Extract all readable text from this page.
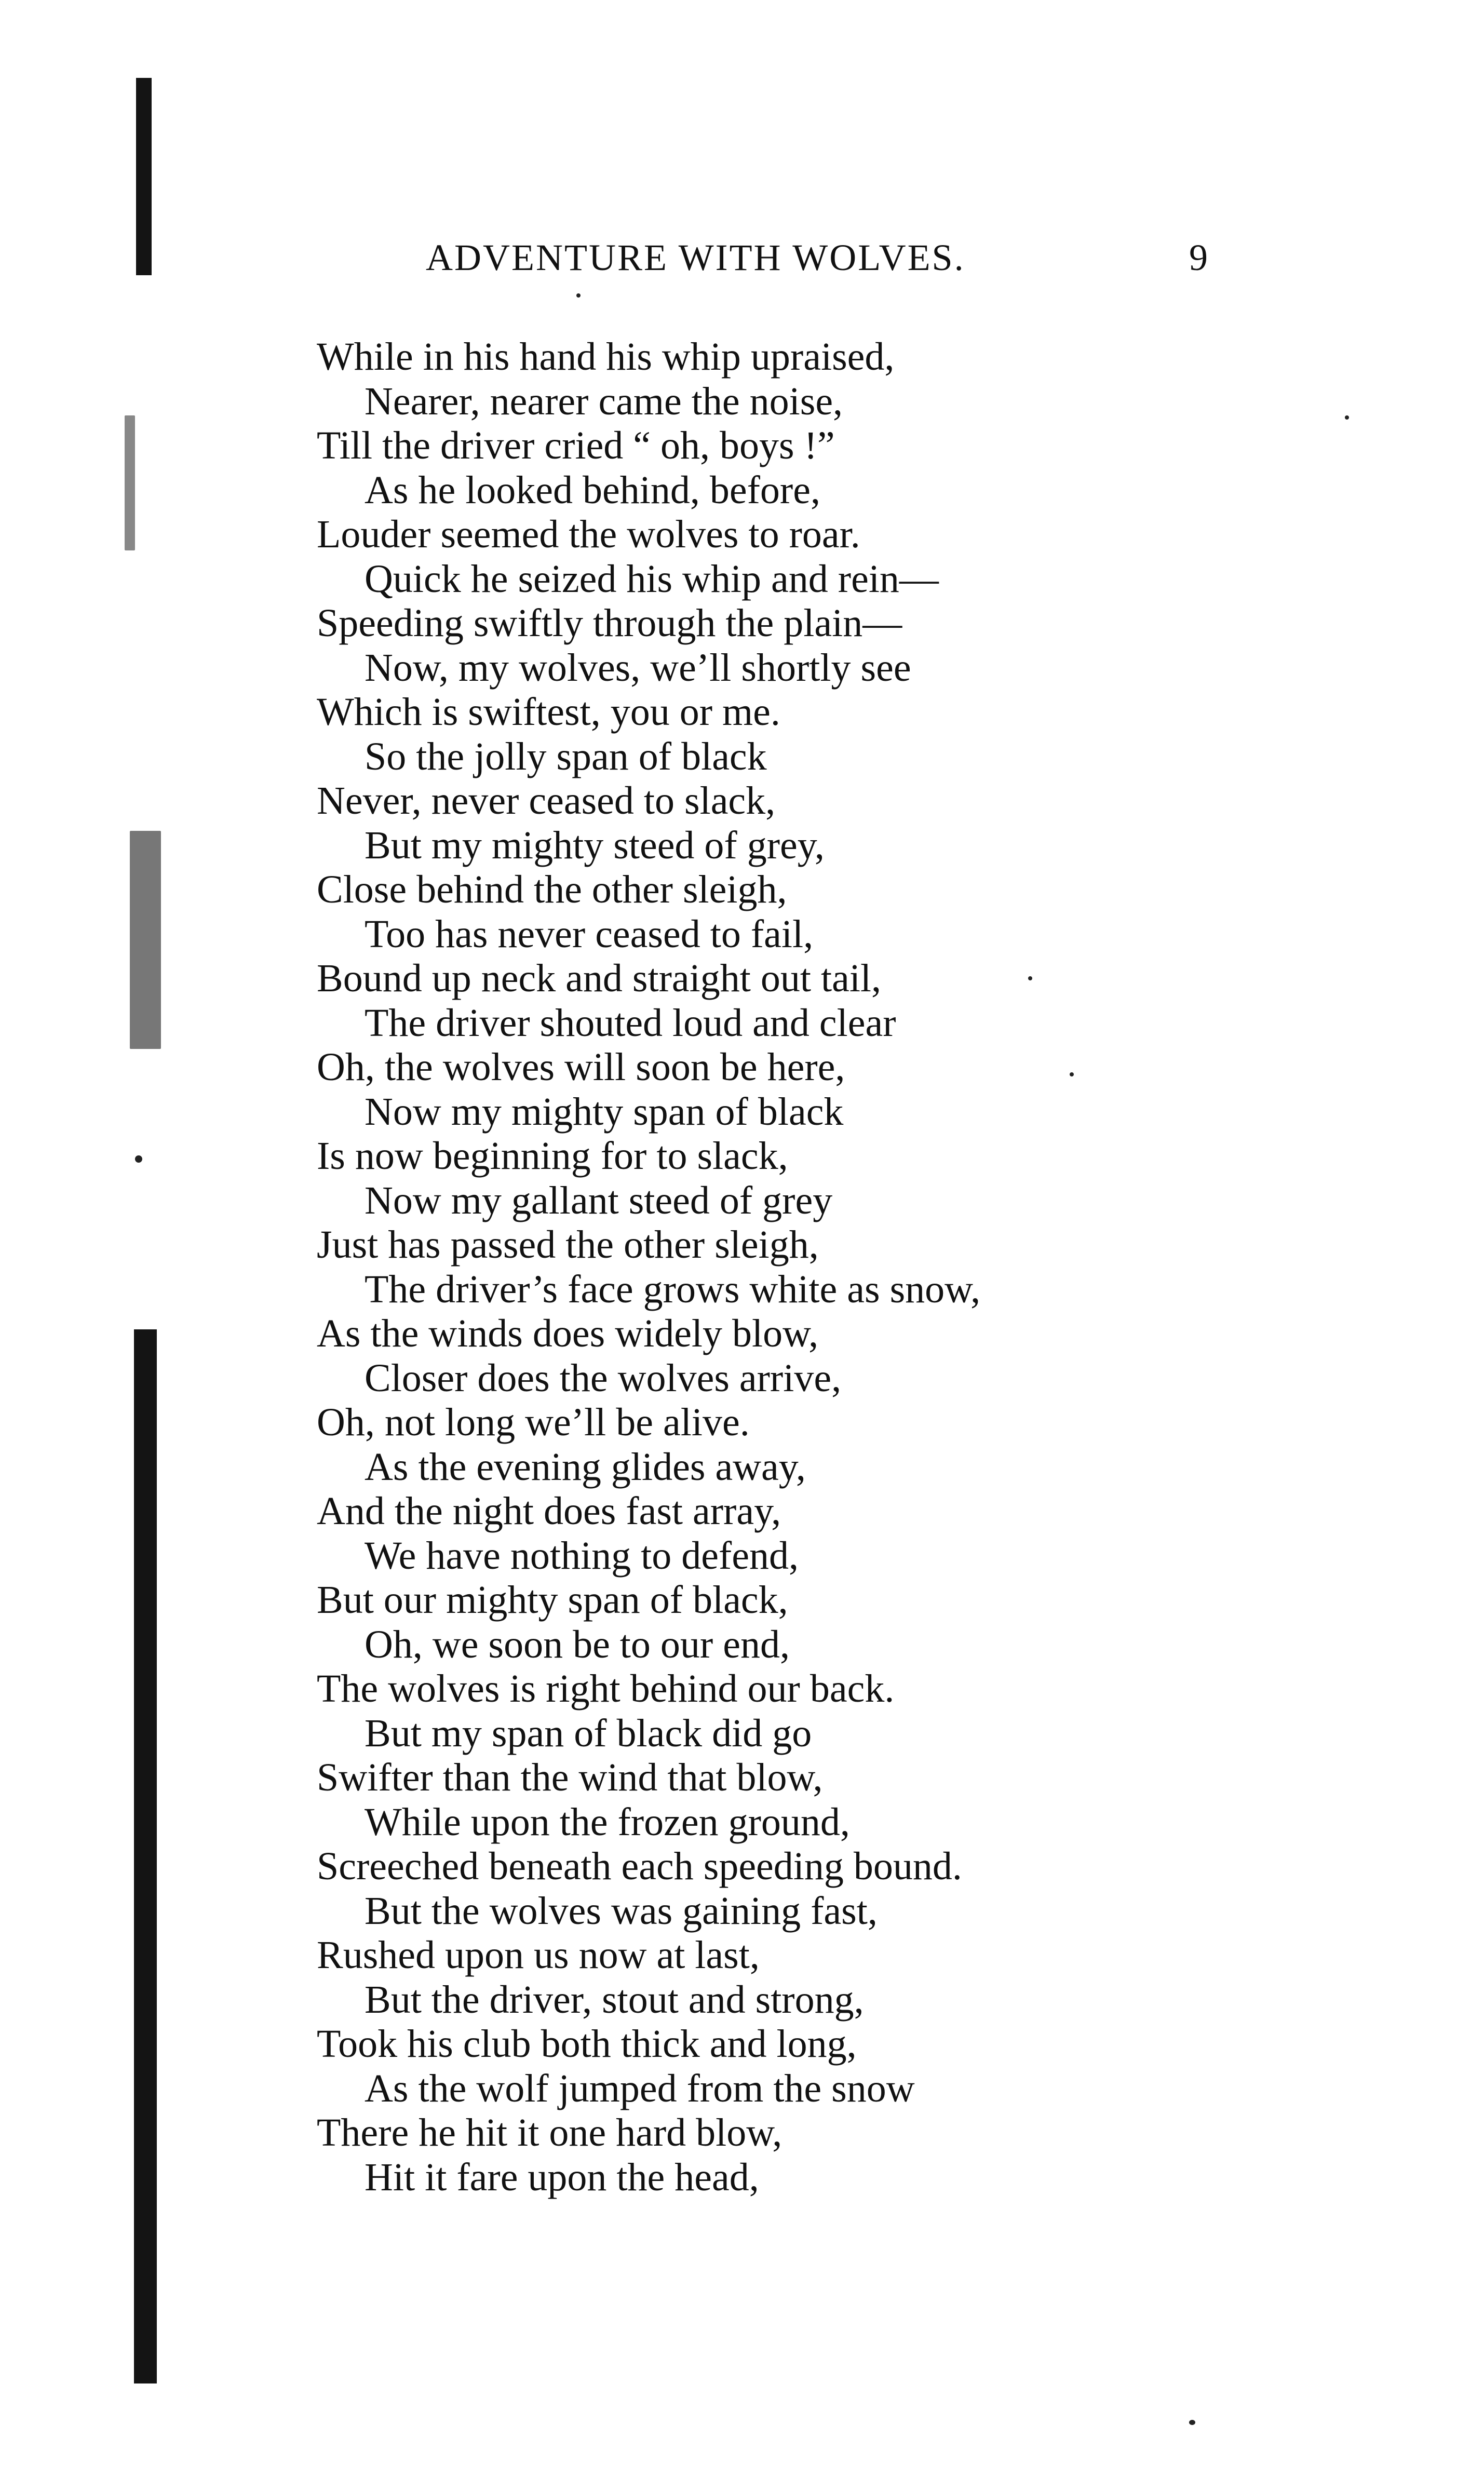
ADVENTURE WITH WOLVES.	9
While in his hand his whip upraised,
Nearer, nearer came the noise,
Till the driver cried “ oh, boys !”
As he looked behind, before,
Louder seemed the wolves to roar.
Quick he seized his whip and rein—
Speeding swiftly through the plain—
Now, my wolves, we’ll shortly see
Which is swiftest, you or me.
So the jolly span of black
Never, never ceased to slack,
But my mighty steed of grey,
Close behind the other sleigh,
Too has never ceased to fail,
Bound up neck and straight out tail,
The driver shouted loud and clear
Oh, the wolves will soon be here,
Now my mighty span of black
Is now beginning for to slack,
Now my gallant steed of grey
Just has passed the other sleigh,
The driver’s face grows white as snow,
As the winds does widely blow,
Closer does the wolves arrive,
Oh, not long we’ll be alive.
As the evening glides away,
And the night does fast array,
We have nothing to defend,
But our mighty span of black,
Oh, we soon be to our end,
The wolves is right behind our back.
But my span of black did go
Swifter than the wind that blow,
While upon the frozen ground,
Screeched beneath each speeding bound.
But the wolves was gaining fast,
Rushed upon us now at last,
But the driver, stout and strong,
Took his club both thick and long,
As the wolf jumped from the snow
There he hit it one hard blow,
Hit it fare upon the head,
